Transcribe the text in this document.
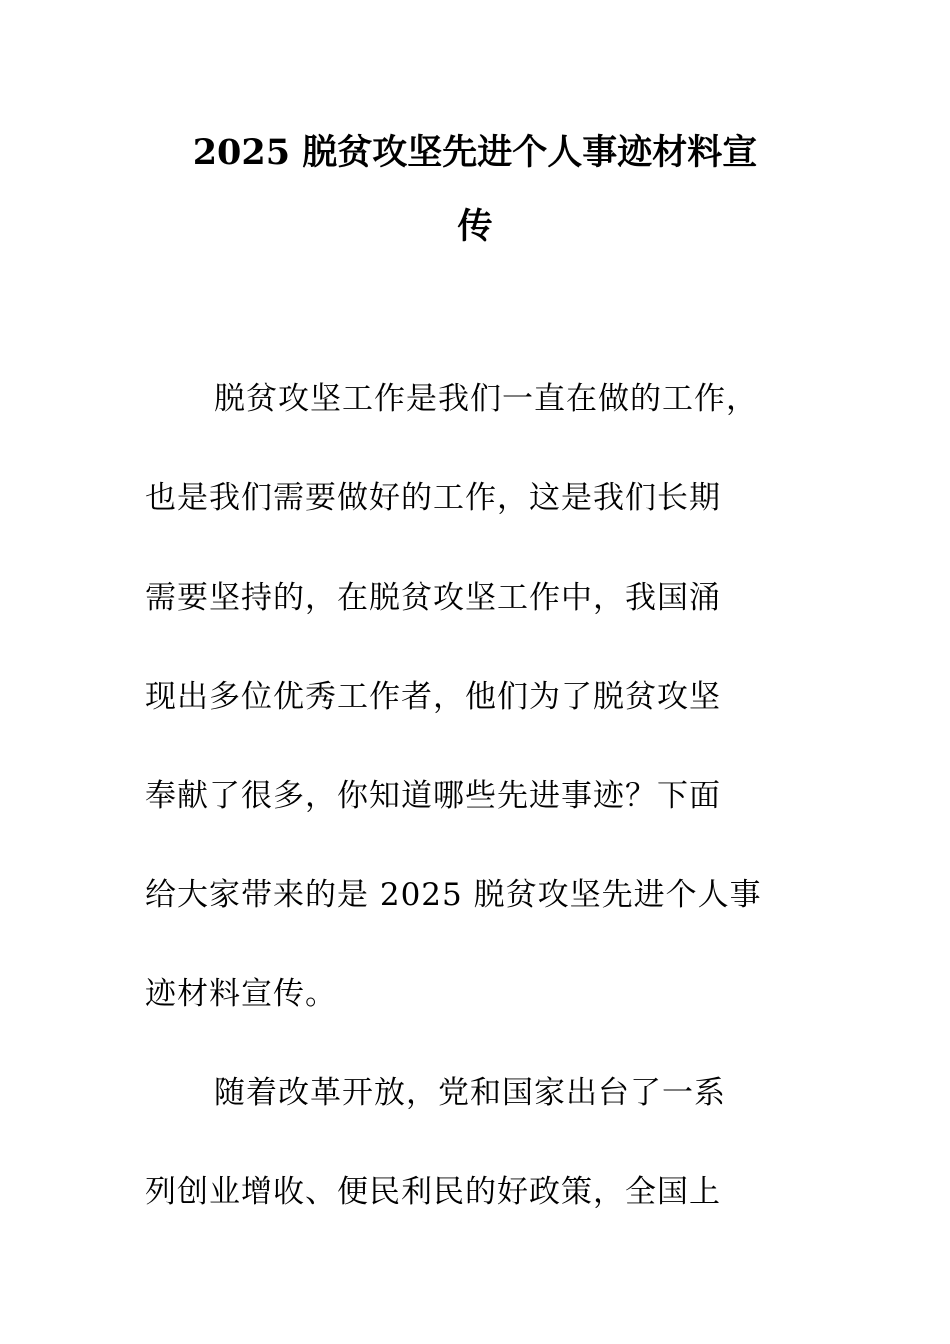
2025 脱贫攻坚先进个人事迹材料宣
传
脱贫攻坚工作是我们一直在做的工作，
也是我们需要做好的工作，这是我们长期
需要坚持的，在脱贫攻坚工作中，我国涌
现出多位优秀工作者，他们为了脱贫攻坚
奉献了很多，你知道哪些先进事迹？下面
给大家带来的是 2025 脱贫攻坚先进个人事
迹材料宣传。
随着改革开放，党和国家出台了一系
列创业增收、便民利民的好政策，全国上
